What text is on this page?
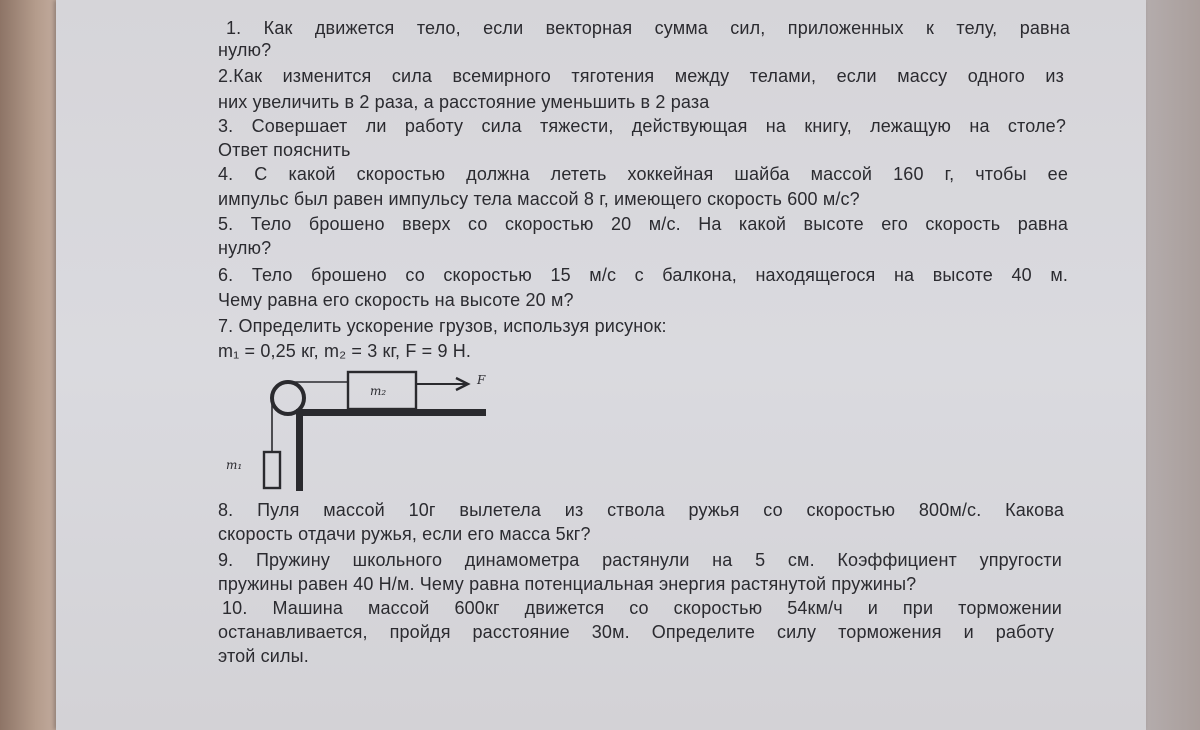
1. Как движется тело, если векторная сумма сил, приложенных к телу, равна
нулю?
2.Как изменится сила всемирного тяготения между телами, если массу одного из
них увеличить в 2 раза, а расстояние уменьшить в 2 раза
3. Совершает ли работу сила тяжести, действующая на книгу, лежащую на столе?
Ответ пояснить
4. С какой скоростью должна лететь хоккейная шайба массой 160 г, чтобы ее
импульс был равен импульсу тела массой 8 г, имеющего скорость 600 м/с?
5. Тело брошено вверх со скоростью 20 м/с. На какой высоте его скорость равна
нулю?
6. Тело брошено со скоростью 15 м/с с балкона, находящегося на высоте 40 м.
Чему равна его скорость на высоте 20 м?
7. Определить ускорение грузов, используя рисунок:
m₁ = 0,25 кг, m₂ = 3 кг, F = 9 Н.
m₂
F
m₁
8. Пуля массой 10г вылетела из ствола ружья со скоростью 800м/с. Какова
скорость отдачи ружья, если его масса 5кг?
9. Пружину школьного динамометра растянули на 5 см. Коэффициент упругости
пружины равен 40 Н/м. Чему равна потенциальная энергия растянутой пружины?
10. Машина массой 600кг движется со скоростью 54км/ч и при торможении
останавливается, пройдя расстояние 30м. Определите силу торможения и работу
этой силы.
